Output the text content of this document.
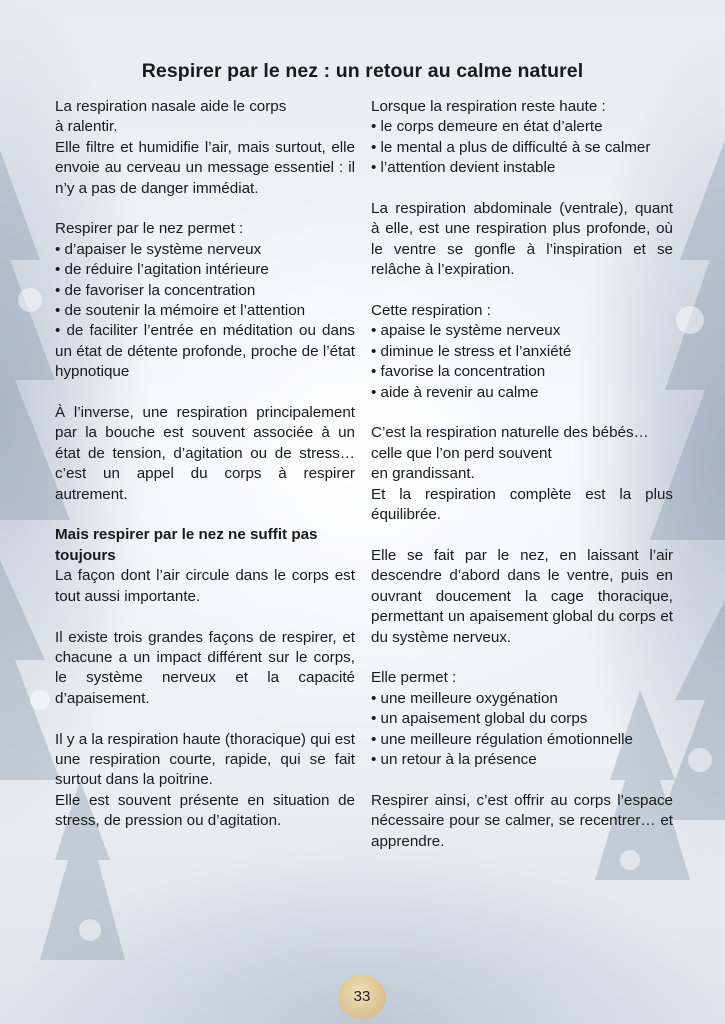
Respirer par le nez : un retour au calme naturel

La respiration nasale aide le corps

à ralentir.

Elle filtre et humidifie l’air, mais surtout, elle envoie au cerveau un message essentiel : il n’y a pas de danger immédiat.

Respirer par le nez permet :

• d’apaiser le système nerveux

• de réduire l’agitation intérieure

• de favoriser la concentration

• de soutenir la mémoire et l’attention

• de faciliter l’entrée en méditation ou dans un état de détente profonde, proche de l’état hypnotique

À l’inverse, une respiration principalement par la bouche est souvent associée à un état de tension, d’agitation ou de stress… c’est un appel du corps à respirer autrement.

Mais respirer par le nez ne suffit pas toujours

La façon dont l’air circule dans le corps est tout aussi importante.

Il existe trois grandes façons de respirer, et chacune a un impact différent sur le corps, le système nerveux et la capacité d’apaisement.

Il y a la respiration haute (thoracique) qui est une respiration courte, rapide, qui se fait surtout dans la poitrine.

Elle est souvent présente en situation de stress, de pression ou d’agitation.

Lorsque la respiration reste haute :

• le corps demeure en état d’alerte

• le mental a plus de difficulté à se calmer

• l’attention devient instable

La respiration abdominale (ventrale), quant à elle, est une respiration plus profonde, où le ventre se gonfle à l’inspiration et se relâche à l’expiration.

Cette respiration :

• apaise le système nerveux

• diminue le stress et l’anxiété

• favorise la concentration

• aide à revenir au calme

C’est la respiration naturelle des bébés… celle que l’on perd souvent

en grandissant.

Et la respiration complète est la plus équilibrée.

Elle se fait par le nez, en laissant l’air descendre d’abord dans le ventre, puis en ouvrant doucement la cage thoracique, permettant un apaisement global du corps et du système nerveux.

Elle permet :

• une meilleure oxygénation

• un apaisement global du corps

• une meilleure régulation émotionnelle

• un retour à la présence

Respirer ainsi, c’est offrir au corps l’espace nécessaire pour se calmer, se recentrer… et apprendre.

33
